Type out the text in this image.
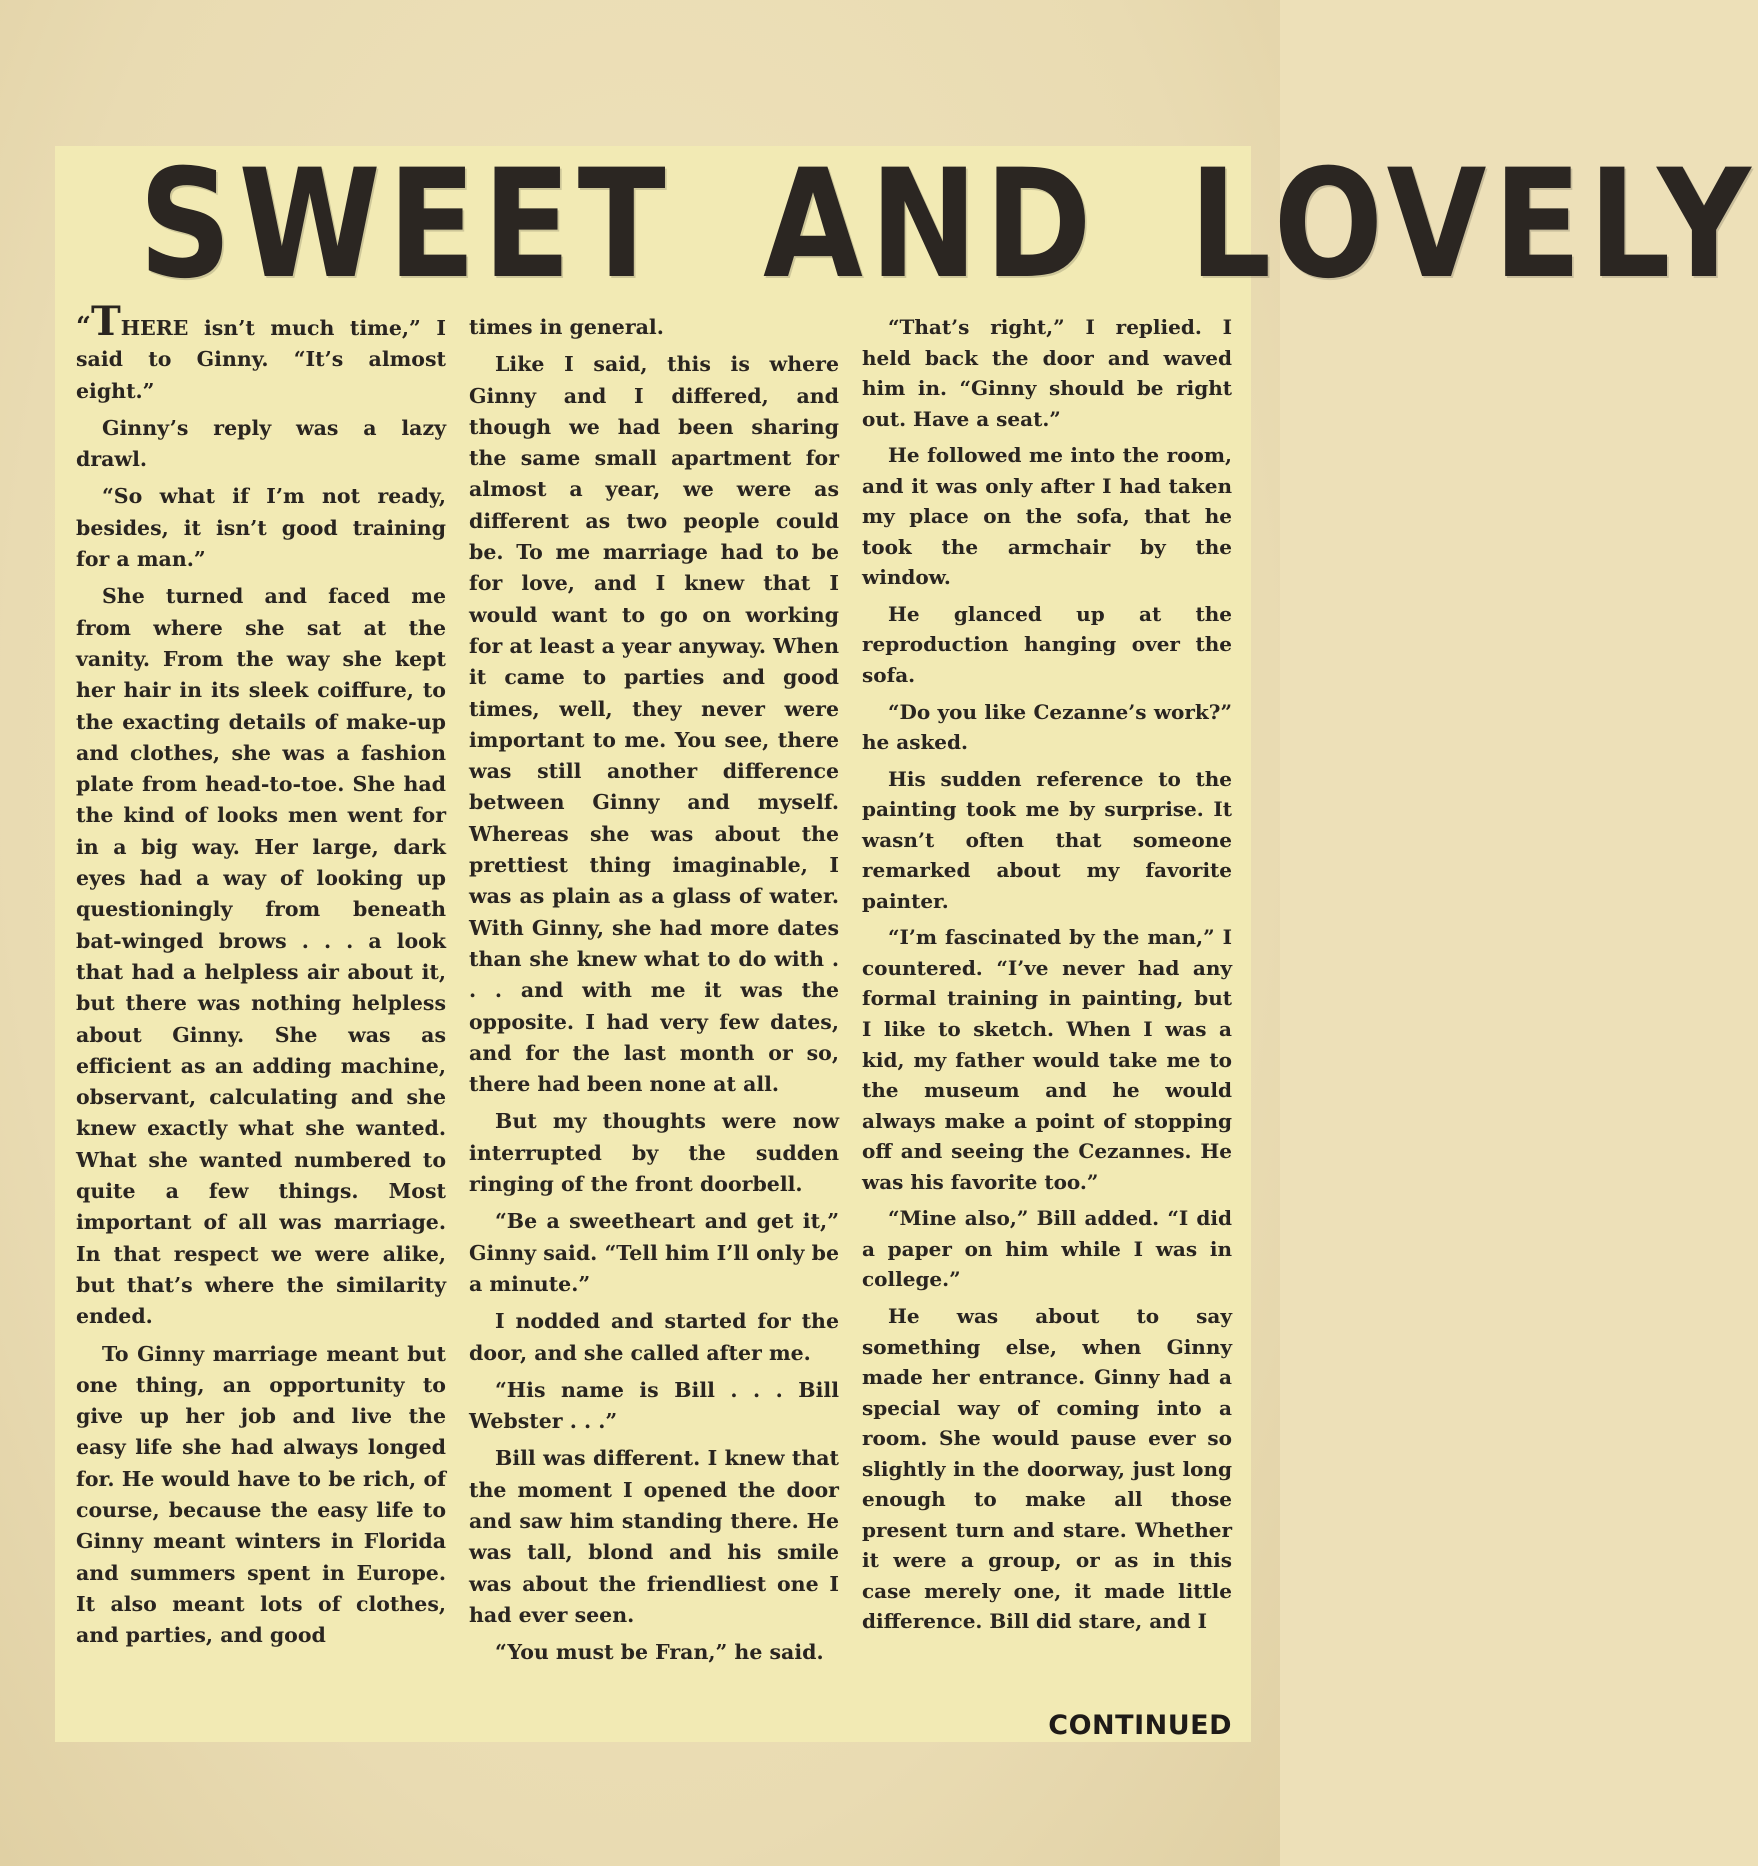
SWEET AND LOVELY

“THERE isn’t much time,” I said to Ginny. “It’s almost eight.”

Ginny’s reply was a lazy drawl.

“So what if I’m not ready, besides, it isn’t good training for a man.”

She turned and faced me from where she sat at the vanity. From the way she kept her hair in its sleek coiffure, to the exacting details of make-up and clothes, she was a fashion plate from head-to-toe. She had the kind of looks men went for in a big way. Her large, dark eyes had a way of looking up questioningly from beneath bat-winged brows . . . a look that had a helpless air about it, but there was nothing helpless about Ginny. She was as efficient as an adding machine, observant, calculating and she knew exactly what she wanted. What she wanted numbered to quite a few things. Most important of all was marriage. In that respect we were alike, but that’s where the similarity ended.

To Ginny marriage meant but one thing, an opportunity to give up her job and live the easy life she had always longed for. He would have to be rich, of course, because the easy life to Ginny meant winters in Florida and summers spent in Europe. It also meant lots of clothes, and parties, and good

times in general.

Like I said, this is where Ginny and I differed, and though we had been sharing the same small apartment for almost a year, we were as different as two people could be. To me marriage had to be for love, and I knew that I would want to go on working for at least a year anyway. When it came to parties and good times, well, they never were important to me. You see, there was still another difference between Ginny and myself. Whereas she was about the prettiest thing imaginable, I was as plain as a glass of water. With Ginny, she had more dates than she knew what to do with . . . and with me it was the opposite. I had very few dates, and for the last month or so, there had been none at all.

But my thoughts were now interrupted by the sudden ringing of the front doorbell.

“Be a sweetheart and get it,” Ginny said. “Tell him I’ll only be a minute.”

I nodded and started for the door, and she called after me.

“His name is Bill . . . Bill Webster . . .”

Bill was different. I knew that the moment I opened the door and saw him standing there. He was tall, blond and his smile was about the friendliest one I had ever seen.

“You must be Fran,” he said.

“That’s right,” I replied. I held back the door and waved him in. “Ginny should be right out. Have a seat.”

He followed me into the room, and it was only after I had taken my place on the sofa, that he took the armchair by the window.

He glanced up at the reproduction hanging over the sofa.

“Do you like Cezanne’s work?” he asked.

His sudden reference to the painting took me by surprise. It wasn’t often that someone remarked about my favorite painter.

“I’m fascinated by the man,” I countered. “I’ve never had any formal training in painting, but I like to sketch. When I was a kid, my father would take me to the museum and he would always make a point of stopping off and seeing the Cezannes. He was his favorite too.”

“Mine also,” Bill added. “I did a paper on him while I was in college.”

He was about to say something else, when Ginny made her entrance. Ginny had a special way of coming into a room. She would pause ever so slightly in the doorway, just long enough to make all those present turn and stare. Whether it were a group, or as in this case merely one, it made little difference. Bill did stare, and I

CONTINUED
